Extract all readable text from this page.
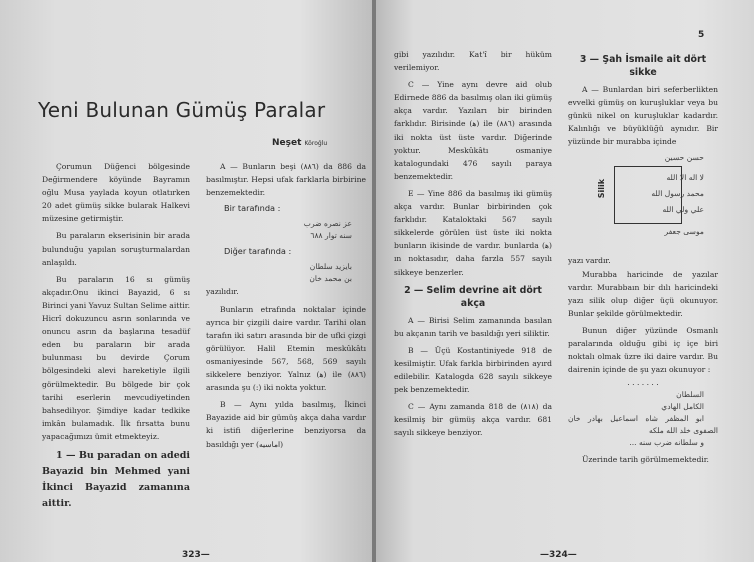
Yeni Bulunan Gümüş Paralar
Neşet Köroğlu

Çorumun Düğenci bölgesinde Değirmendere köyünde Bayramın oğlu Musa yaylada koyun otlatırken 20 adet gümüş sikke bularak Halkevi müzesine getirmiştir.

Bu paraların ekserisinin bir arada bulunduğu yapılan soruşturmalardan anlaşıldı.

Bu paraların 16 sı gümüş akçadır.Onu ikinci Bayazid, 6 sı Birinci yani Yavuz Sultan Selime aittir. Hicrî dokuzuncu asrın sonlarında ve onuncu asrın da başlarına tesadüf eden bu paraların bir arada bulunması bu devirde Çorum bölgesindeki alevi hareketiyle ilgili görülmektedir. Bu bölgede bir çok tarihi eserlerin mevcudiyetinden bahsedilıyor. Şimdiye kadar tedkike imkân bulamadık. İlk fırsatta bunu yapacağımızı ümit etmekteyiz.

1 — Bu paradan on adedi Bayazid bin Mehmed yani İkinci Bayazid zamanına aittir.

A — Bunların beşi (٨٨٦) da 886 da basılmıştır. Hepsi ufak farklarla birbirine benzemektedir.

Bir tarafında :

عز نصره ضرب

سنه توار ٦٨٨

Diğer tarafında :

بايزيد سلطان

بن محمد خان

yazılıdır.

Bunların etrafında noktalar içinde ayrıca bir çizgili daire vardır. Tarihi olan tarafın iki satırı arasında bir de ufki çizgi görülüyor. Halil Etemin meskûkâtı osmaniyesinde 567, 568, 569 sayılı sikkelere benziyor. Yalnız (ﻫ) ile (٨٨٦) arasında şu (:) iki nokta yoktur.

B — Aynı yılda basılmış, İkinci Bayazide aid bir gümüş akça daha vardır ki istifi diğerlerine benziyorsa da basıldığı yer (اماسيه)

323—
5

gibi yazılıdır. Kat'î bir hüküm verilemiyor.

C — Yine aynı devre aid olub Edirnede 886 da basılmış olan iki gümüş akça vardır. Yazıları bir birinden farklıdır. Birisinde (ﻫ) ile (٨٨٦) arasında iki nokta üst üste vardır. Diğerinde yoktur. Meskûkâtı osmaniye katalogundaki 476 sayılı paraya benzemektedir.

E — Yine 886 da basılmış iki gümüş akça vardır. Bunlar birbirinden çok farklıdır. Kataloktaki 567 sayılı sikkelerde görülen üst üste iki nokta bunların ikisinde de vardır. bunlarda (ﻫ) ın noktasıdır, daha farzla 557 sayılı sikkeye benzerler.

2 — Selim devrine ait dört akça

A — Birisi Selim zamanında basılan bu akçanın tarih ve basıldığı yeri siliktir.

B — Üçü Kostantiniyede 918 de kesilmiştir. Ufak farkla birbirinden ayırd edilebilir. Katalogda 628 sayılı sikkeye pek benzemektedir.

C — Aynı zamanda 818 de (٨١٨) da kesilmiş bir gümüş akça vardır. 681 sayılı sikkeye benziyor.

3 — Şah İsmaile ait dört
sikke

A — Bunlardan biri seferberlikten evvelki gümüş on kuruşluklar veya bu günkü nikel on kuruşluklar kadardır. Kalınlığı ve büyüklüğü aynıdır. Bir yüzünde bir murabba içinde

حسن حسين

لا اله الا الله

محمد رسول الله

علي ولي الله

موسى جعفر

Silik

yazı vardır.

Murabba haricinde de yazılar vardır. Murabbaın bir dılı haricindeki yazı silik olup diğer üçü okunuyor. Bunlar şekilde görülmektedir.

Bunun diğer yüzünde Osmanlı paralarında olduğu gibi iç içe biri noktalı olmak üzre iki daire vardır. Bu dairenin içinde de şu yazı okunuyor :

. . . . . . .

السلطان

الكامل الهادي

ابو المظفر شاه اسماعيل بهادر خان الصفوى خلد الله ملكه

و سلطانه ضرب سنه ...

Üzerinde tarih görülmemektedir.

—324—
